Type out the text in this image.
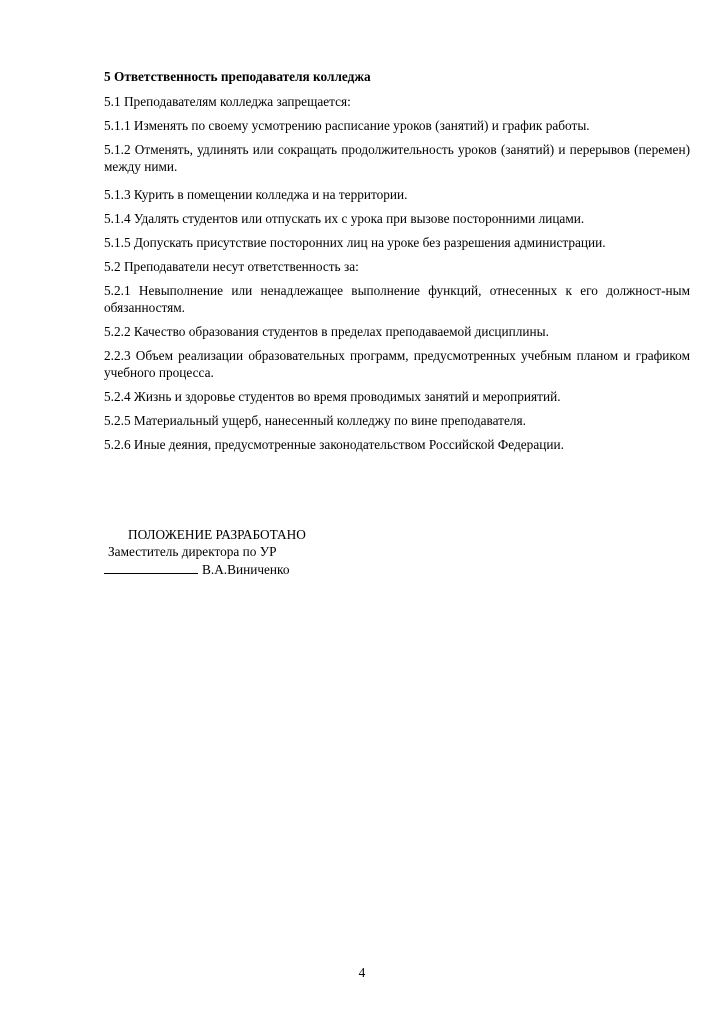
5 Ответственность преподавателя колледжа
5.1 Преподавателям колледжа запрещается:
5.1.1 Изменять по своему усмотрению расписание уроков (занятий) и график работы.
5.1.2 Отменять, удлинять или сокращать продолжительность уроков (занятий) и перерывов (перемен) между ними.
5.1.3 Курить в помещении колледжа и на территории.
5.1.4 Удалять студентов или отпускать их с урока при вызове посторонними лицами.
5.1.5 Допускать присутствие посторонних лиц на уроке без разрешения администрации.
5.2 Преподаватели несут ответственность за:
5.2.1 Невыполнение или ненадлежащее выполнение функций, отнесенных к его должност-ным обязанностям.
5.2.2 Качество образования студентов в пределах преподаваемой дисциплины.
2.2.3 Объем реализации образовательных программ, предусмотренных учебным планом и графиком учебного процесса.
5.2.4 Жизнь и здоровье студентов во время проводимых занятий и мероприятий.
5.2.5 Материальный ущерб, нанесенный колледжу по вине преподавателя.
5.2.6 Иные деяния, предусмотренные законодательством Российской Федерации.
ПОЛОЖЕНИЕ РАЗРАБОТАНО
Заместитель директора по УР
В.А.Виниченко
4
